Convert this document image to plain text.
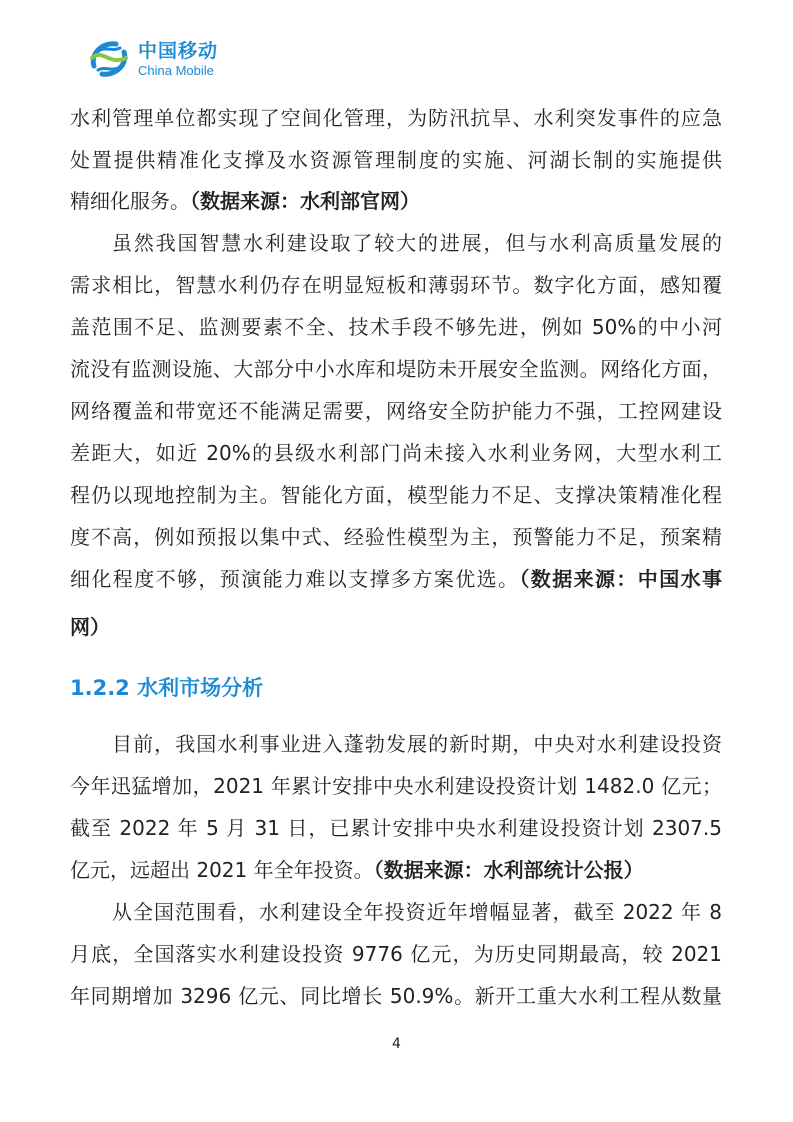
中国移动
China Mobile
水利管理单位都实现了空间化管理，为防汛抗旱、水利突发事件的应急
处置提供精准化支撑及水资源管理制度的实施、河湖长制的实施提供
精细化服务。（数据来源：水利部官网）
虽然我国智慧水利建设取了较大的进展，但与水利高质量发展的
需求相比，智慧水利仍存在明显短板和薄弱环节。数字化方面，感知覆
盖范围不足、监测要素不全、技术手段不够先进，例如 50%的中小河
流没有监测设施、大部分中小水库和堤防未开展安全监测。网络化方面，
网络覆盖和带宽还不能满足需要，网络安全防护能力不强，工控网建设
差距大，如近 20%的县级水利部门尚未接入水利业务网，大型水利工
程仍以现地控制为主。智能化方面，模型能力不足、支撑决策精准化程
度不高，例如预报以集中式、经验性模型为主，预警能力不足，预案精
细化程度不够，预演能力难以支撑多方案优选。（数据来源：中国水事
网）
目前，我国水利事业进入蓬勃发展的新时期，中央对水利建设投资
今年迅猛增加，2021 年累计安排中央水利建设投资计划 1482.0 亿元；
截至 2022 年 5 月 31 日，已累计安排中央水利建设投资计划 2307.5
亿元，远超出 2021 年全年投资。（数据来源：水利部统计公报）
从全国范围看，水利建设全年投资近年增幅显著，截至 2022 年 8
月底，全国落实水利建设投资 9776 亿元，为历史同期最高，较 2021
年同期增加 3296 亿元、同比增长 50.9%。新开工重大水利工程从数量
1.2.2 水利市场分析
4
